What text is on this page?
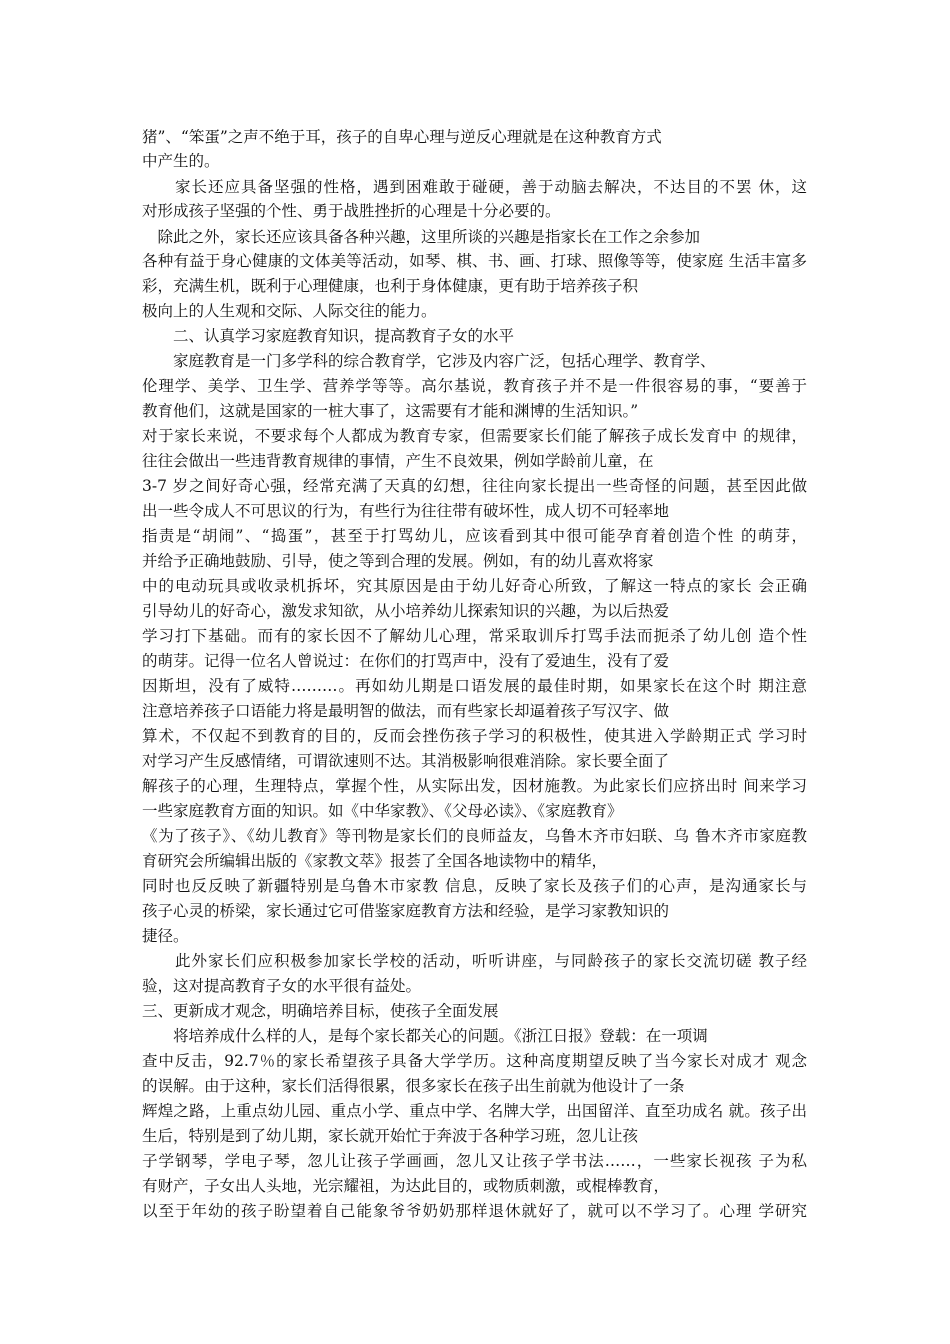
猪”、“笨蛋”之声不绝于耳，孩子的自卑心理与逆反心理就是在这种教育方式
中产生的。
　　家长还应具备坚强的性格，遇到困难敢于碰硬，善于动脑去解决，不达目的不罢 休，这
对形成孩子坚强的个性、勇于战胜挫折的心理是十分必要的。
　除此之外，家长还应该具备各种兴趣，这里所谈的兴趣是指家长在工作之余参加
各种有益于身心健康的文体美等活动，如琴、棋、书、画、打球、照像等等，使家庭 生活丰富多
彩，充满生机，既利于心理健康，也利于身体健康，更有助于培养孩子积
极向上的人生观和交际、人际交往的能力。
　　二、认真学习家庭教育知识，提高教育子女的水平
　　家庭教育是一门多学科的综合教育学，它涉及内容广泛，包括心理学、教育学、
伦理学、美学、卫生学、营养学等等。高尔基说，教育孩子并不是一件很容易的事，“要善于
教育他们，这就是国家的一桩大事了，这需要有才能和渊博的生活知识。”
对于家长来说，不要求每个人都成为教育专家，但需要家长们能了解孩子成长发育中 的规律，
往往会做出一些违背教育规律的事情，产生不良效果，例如学龄前儿童，在
3-7 岁之间好奇心强，经常充满了天真的幻想，往往向家长提出一些奇怪的问题，甚至因此做
出一些令成人不可思议的行为，有些行为往往带有破坏性，成人切不可轻率地
指责是“胡闹”、“捣蛋”，甚至于打骂幼儿，应该看到其中很可能孕育着创造个性 的萌芽，
并给予正确地鼓励、引导，使之等到合理的发展。例如，有的幼儿喜欢将家
中的电动玩具或收录机拆坏，究其原因是由于幼儿好奇心所致，了解这一特点的家长 会正确
引导幼儿的好奇心，激发求知欲，从小培养幼儿探索知识的兴趣，为以后热爱
学习打下基础。而有的家长因不了解幼儿心理，常采取训斥打骂手法而扼杀了幼儿创 造个性
的萌芽。记得一位名人曾说过：在你们的打骂声中，没有了爱迪生，没有了爱
因斯坦，没有了威特………。再如幼儿期是口语发展的最佳时期，如果家长在这个时 期注意
注意培养孩子口语能力将是最明智的做法，而有些家长却逼着孩子写汉字、做
算术，不仅起不到教育的目的，反而会挫伤孩子学习的积极性，使其进入学龄期正式 学习时
对学习产生反感情绪，可谓欲速则不达。其消极影响很难消除。家长要全面了
解孩子的心理，生理特点，掌握个性，从实际出发，因材施教。为此家长们应挤出时 间来学习
一些家庭教育方面的知识。如《中华家教》、《父母必读》、《家庭教育》
《为了孩子》、《幼儿教育》等刊物是家长们的良师益友，乌鲁木齐市妇联、乌 鲁木齐市家庭教
育研究会所编辑出版的《家教文萃》报荟了全国各地读物中的精华，
同时也反反映了新疆特别是乌鲁木市家教 信息，反映了家长及孩子们的心声，是沟通家长与
孩子心灵的桥梁，家长通过它可借鉴家庭教育方法和经验，是学习家教知识的
捷径。
　　此外家长们应积极参加家长学校的活动，听听讲座，与同龄孩子的家长交流切磋 教子经
验，这对提高教育子女的水平很有益处。
三、更新成才观念，明确培养目标，使孩子全面发展
　　将培养成什么样的人，是每个家长都关心的问题。《浙江日报》登载：在一项调
查中反击，92.7％的家长希望孩子具备大学学历。这种高度期望反映了当今家长对成才 观念
的误解。由于这种，家长们活得很累，很多家长在孩子出生前就为他设计了一条
辉煌之路，上重点幼儿园、重点小学、重点中学、名牌大学，出国留洋、直至功成名 就。孩子出
生后，特别是到了幼儿期，家长就开始忙于奔波于各种学习班，忽儿让孩
子学钢琴，学电子琴，忽儿让孩子学画画，忽儿又让孩子学书法……，一些家长视孩 子为私
有财产，子女出人头地，光宗耀祖，为达此目的，或物质刺激，或棍棒教育，
以至于年幼的孩子盼望着自己能象爷爷奶奶那样退休就好了，就可以不学习了。心理 学研究
